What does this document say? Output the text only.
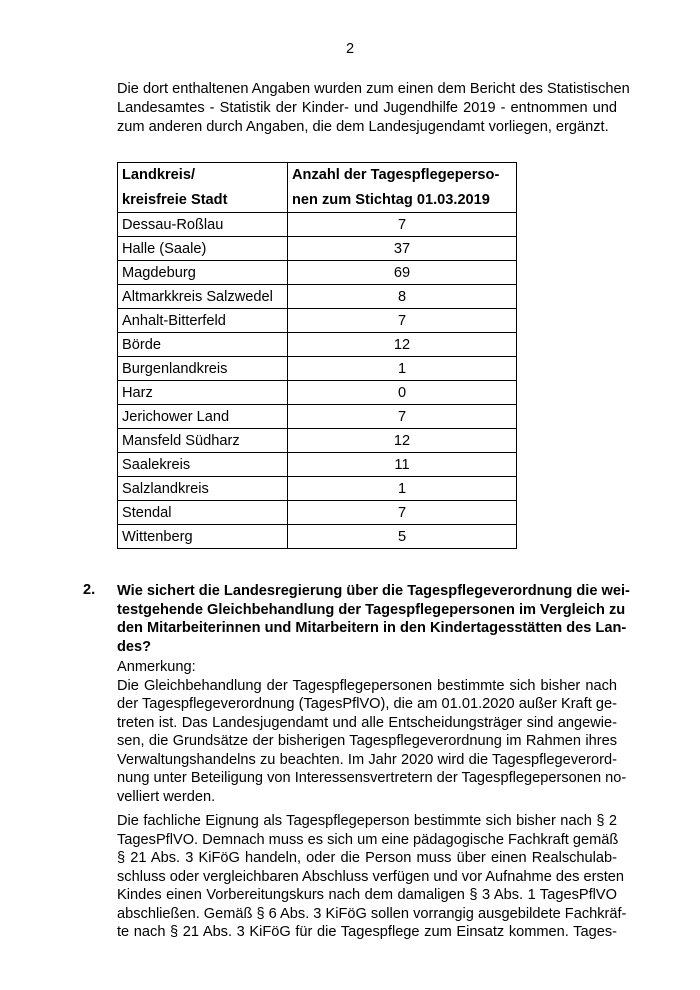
2

Die dort enthaltenen Angaben wurden zum einen dem Bericht des Statistischen
Landesamtes - Statistik der Kinder- und Jugendhilfe 2019 - entnommen und
zum anderen durch Angaben, die dem Landesjugendamt vorliegen, ergänzt.

Landkreis/	Anzahl der Tagespflegeperso-
kreisfreie Stadt	nen zum Stichtag 01.03.2019
Dessau-Roßlau	7
Halle (Saale)	37
Magdeburg	69
Altmarkkreis Salzwedel	8
Anhalt-Bitterfeld	7
Börde	12
Burgenlandkreis	1
Harz	0
Jerichower Land	7
Mansfeld Südharz	12
Saalekreis	11
Salzlandkreis	1
Stendal	7
Wittenberg	5
2. Wie sichert die Landesregierung über die Tagespflegeverordnung die wei-
testgehende Gleichbehandlung der Tagespflegepersonen im Vergleich zu
den Mitarbeiterinnen und Mitarbeitern in den Kindertagesstätten des Lan-
des?

Anmerkung:
Die Gleichbehandlung der Tagespflegepersonen bestimmte sich bisher nach
der Tagespflegeverordnung (TagesPflVO), die am 01.01.2020 außer Kraft ge-
treten ist. Das Landesjugendamt und alle Entscheidungsträger sind angewie-
sen, die Grundsätze der bisherigen Tagespflegeverordnung im Rahmen ihres
Verwaltungshandelns zu beachten. Im Jahr 2020 wird die Tagespflegeverord-
nung unter Beteiligung von Interessensvertretern der Tagespflegepersonen no-
velliert werden.

Die fachliche Eignung als Tagespflegeperson bestimmte sich bisher nach § 2
TagesPflVO. Demnach muss es sich um eine pädagogische Fachkraft gemäß
§ 21 Abs. 3 KiFöG handeln, oder die Person muss über einen Realschulab-
schluss oder vergleichbaren Abschluss verfügen und vor Aufnahme des ersten
Kindes einen Vorbereitungskurs nach dem damaligen § 3 Abs. 1 TagesPflVO
abschließen. Gemäß § 6 Abs. 3 KiFöG sollen vorrangig ausgebildete Fachkräf-
te nach § 21 Abs. 3 KiFöG für die Tagespflege zum Einsatz kommen. Tages-
